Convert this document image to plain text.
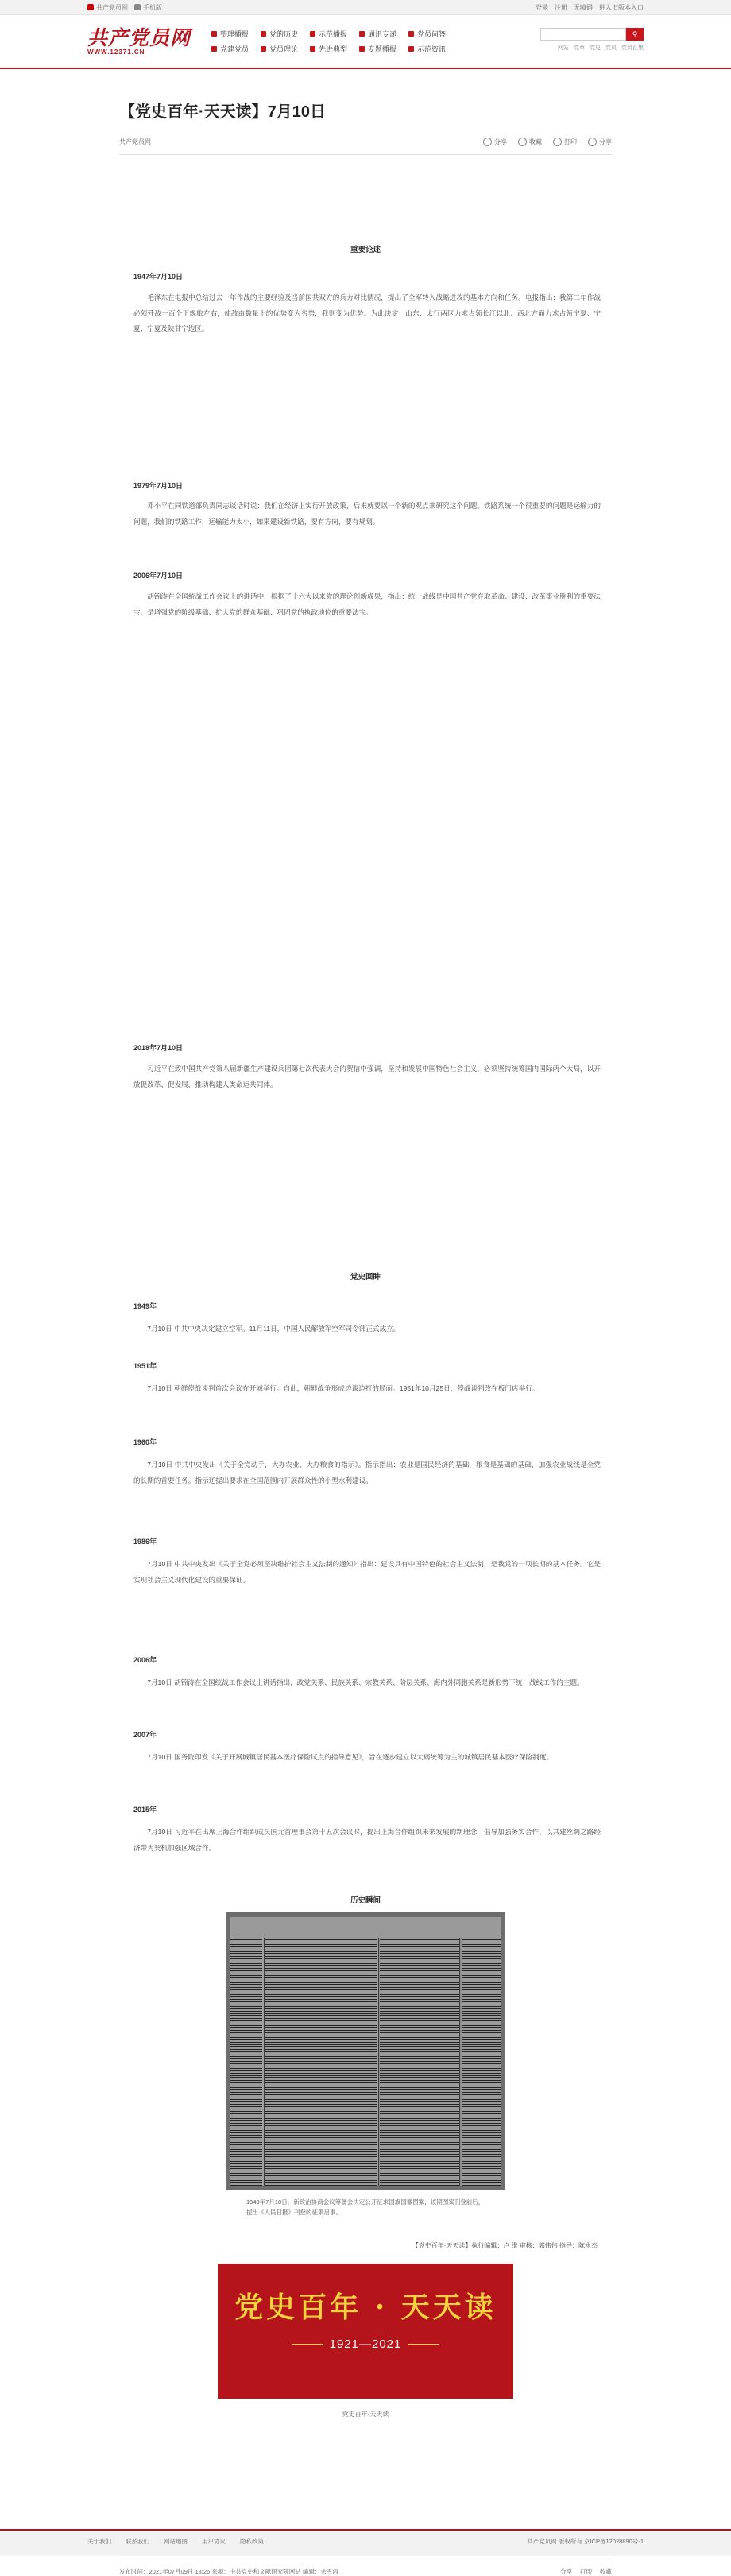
共产党员网	手机版	登录 注册 无障碍 进入旧版本入口
共产党员网
WWW.12371.CN
整理播报	党的历史	示范播报	通讯专递	党员问答
党建党员	党员理论	先进典型	专题播报	示范资讯
⚲
网站 党章 党史 党员 党员汇集
【党史百年·天天读】7月10日
共产党员网	分享	收藏	打印	分享
重要论述
1947年7月10日

毛泽东在电报中总结过去一年作战的主要经验及当前国共双方的兵力对比情况，提出了全军转入战略进攻的基本方向和任务。电报指出：我第二年作战必须歼敌一百个正规旅左右，使敌由数量上的优势变为劣势，我则变为优势。为此决定：山东、太行两区力求占领长江以北；西北方面力求占领宁夏、宁夏、宁夏及陕甘宁边区。

1979年7月10日

邓小平在同铁道部负责同志谈话时说：我们在经济上实行开放政策，后来就要以一个新的观点来研究这个问题。铁路系统一个很重要的问题是运输力的问题，我们的铁路工作，运输能力太小，如果建设新铁路，要有方向，要有规划。

2006年7月10日

胡锦涛在全国统战工作会议上的讲话中，根据了十六大以来党的理论创新成果，指出：统一战线是中国共产党夺取革命、建设、改革事业胜利的重要法宝，是增强党的阶级基础、扩大党的群众基础、巩固党的执政地位的重要法宝。

2018年7月10日

习近平在致中国共产党第八届新疆生产建设兵团第七次代表大会的贺信中强调，坚持和发展中国特色社会主义，必须坚持统筹国内国际两个大局，以开放促改革、促发展，推动构建人类命运共同体。

党史回眸
1949年

7月10日 中共中央决定建立空军。11月11日，中国人民解放军空军司令部正式成立。

1951年

7月10日 朝鲜停战谈判首次会议在开城举行。自此，朝鲜战争形成边谈边打的局面。1951年10月25日，停战谈判改在板门店举行。

1960年

7月10日 中共中央发出《关于全党动手，大办农业，大办粮食的指示》。指示指出：农业是国民经济的基础，粮食是基础的基础，加强农业战线是全党的长期的首要任务。指示还提出要求在全国范围内开展群众性的小型水利建设。

1986年

7月10日 中共中央发出《关于全党必须坚决维护社会主义法制的通知》指出：建设具有中国特色的社会主义法制，是我党的一项长期的基本任务。它是实现社会主义现代化建设的重要保证。

2006年

7月10日 胡锦涛在全国统战工作会议上讲话指出，政党关系、民族关系、宗教关系、阶层关系、海内外同胞关系是新形势下统一战线工作的主题。

2007年

7月10日 国务院印发《关于开展城镇居民基本医疗保险试点的指导意见》，旨在逐步建立以大病统筹为主的城镇居民基本医疗保险制度。

2015年

7月10日 习近平在出席上海合作组织成员国元首理事会第十五次会议时，提出上海合作组织未来发展的新理念，倡导加强务实合作、以共建丝绸之路经济带为契机加强区域合作。

历史瞬间
1949年7月10日，新政治协商会议筹备会决定公开征求国旗国徽图案，该期图案刊登前后，提出《人民日报》刊登的征集启事。
【党史百年·天天读】执行编辑：卢 维 审核：郭伟伟 指导：陈永杰
党史百年 · 天天读
1921—2021
党史百年·天天读
发布时间：2021年07月09日 18:26 来源：中共党史和文献研究院网站 编辑：余雪西	分享 打印 收藏
关于我们 联系我们 网站地图 用户协议 隐私政策	共产党员网 版权所有 京ICP备12028890号-1
